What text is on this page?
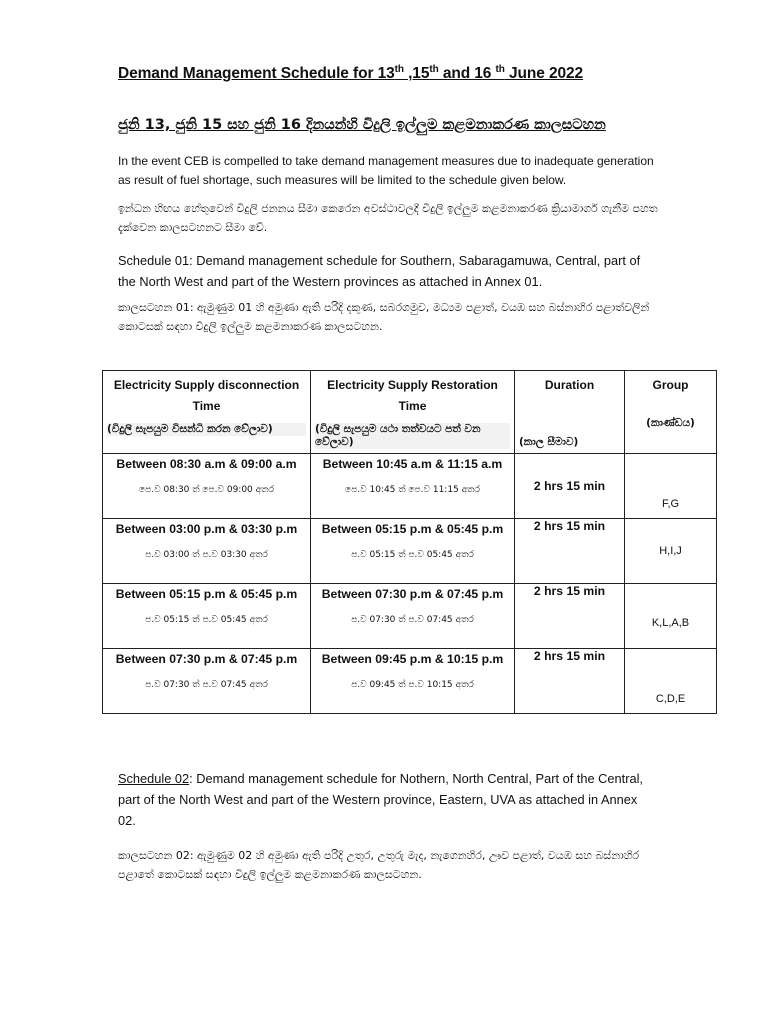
Demand Management Schedule for 13th ,15th and 16 $^{th}$ June 2022
ජුනි 13, ජුනි 15 සහ ජුනි 16 දිනයන්හි විදුලි ඉල්ලුම කළමනාකරණ කාලසටහන
In the event CEB is compelled to take demand management measures due to inadequate generation as result of fuel shortage, such measures will be limited to the schedule given below.
ඉන්ධන හිඟය හේතුවෙන් විදුලි ජනනය සීමා කෙරෙන අවස්ථාවලදී විදුලි ඉල්ලුම කළමනාකරණ ක්‍රියාමාර්ග ගැනීම පහත දැක්වෙන කාලසටහනට සීමා වේ.
Schedule 01: Demand management schedule for Southern, Sabaragamuwa, Central, part of the North West and part of the Western provinces as attached in Annex 01.
කාලසටහන 01: ඇමුණුම 01 හි අමුණා ඇති පරිදි දකුණ, සබරගමුව, මධ්‍යම පළාත්, වයඹ සහ බස්නාහිර පළාත්වලින් කොටසක් සඳහා විදුලි ඉල්ලුම කළමනාකරණ කාලසටහන.
Electricity Supply disconnection Time
(විදුලි සැපයුම විසන්ධි කරන වේලාව)	Electricity Supply Restoration Time
(විදුලි සැපයුම යථා තත්වයට පත් වන වේලාව)	Duration
(කාල සීමාව)	Group
(කාණ්ඩය)

Between 08:30 a.m & 09:00 a.m
පෙ.ව 08:30 ත් පෙ.ව 09:00 අතර	Between 10:45 a.m & 11:15 a.m
පෙ.ව 10:45 ත් පෙ.ව 11:15 අතර	2 hrs 15 min	F,G

Between 03:00 p.m & 03:30 p.m
ප.ව 03:00 ත් ප.ව 03:30 අතර	Between 05:15 p.m & 05:45 p.m
ප.ව 05:15 ත් ප.ව 05:45 අතර	2 hrs 15 min	H,I,J

Between 05:15 p.m & 05:45 p.m
ප.ව 05:15 ත් ප.ව 05:45 අතර	Between 07:30 p.m & 07:45 p.m
ප.ව 07:30 ත් ප.ව 07:45 අතර	2 hrs 15 min	K,L,A,B

Between 07:30 p.m & 07:45 p.m
ප.ව 07:30 ත් ප.ව 07:45 අතර	Between 09:45 p.m & 10:15 p.m
ප.ව 09:45 ත් ප.ව 10:15 අතර	2 hrs 15 min	C,D,E
Schedule 02: Demand management schedule for Nothern, North Central, Part of the Central, part of the North West and part of the Western province, Eastern, UVA as attached in Annex 02.
කාලසටහන 02: ඇමුණුම 02 හි අමුණා ඇති පරිදි උතුර, උතුරු මැද, නැගෙනහිර, ඌව පළාත්, වයඹ සහ බස්නාහිර පළාතේ කොටසක් සඳහා විදුලි ඉල්ලුම කළමනාකරණ කාලසටහන.
